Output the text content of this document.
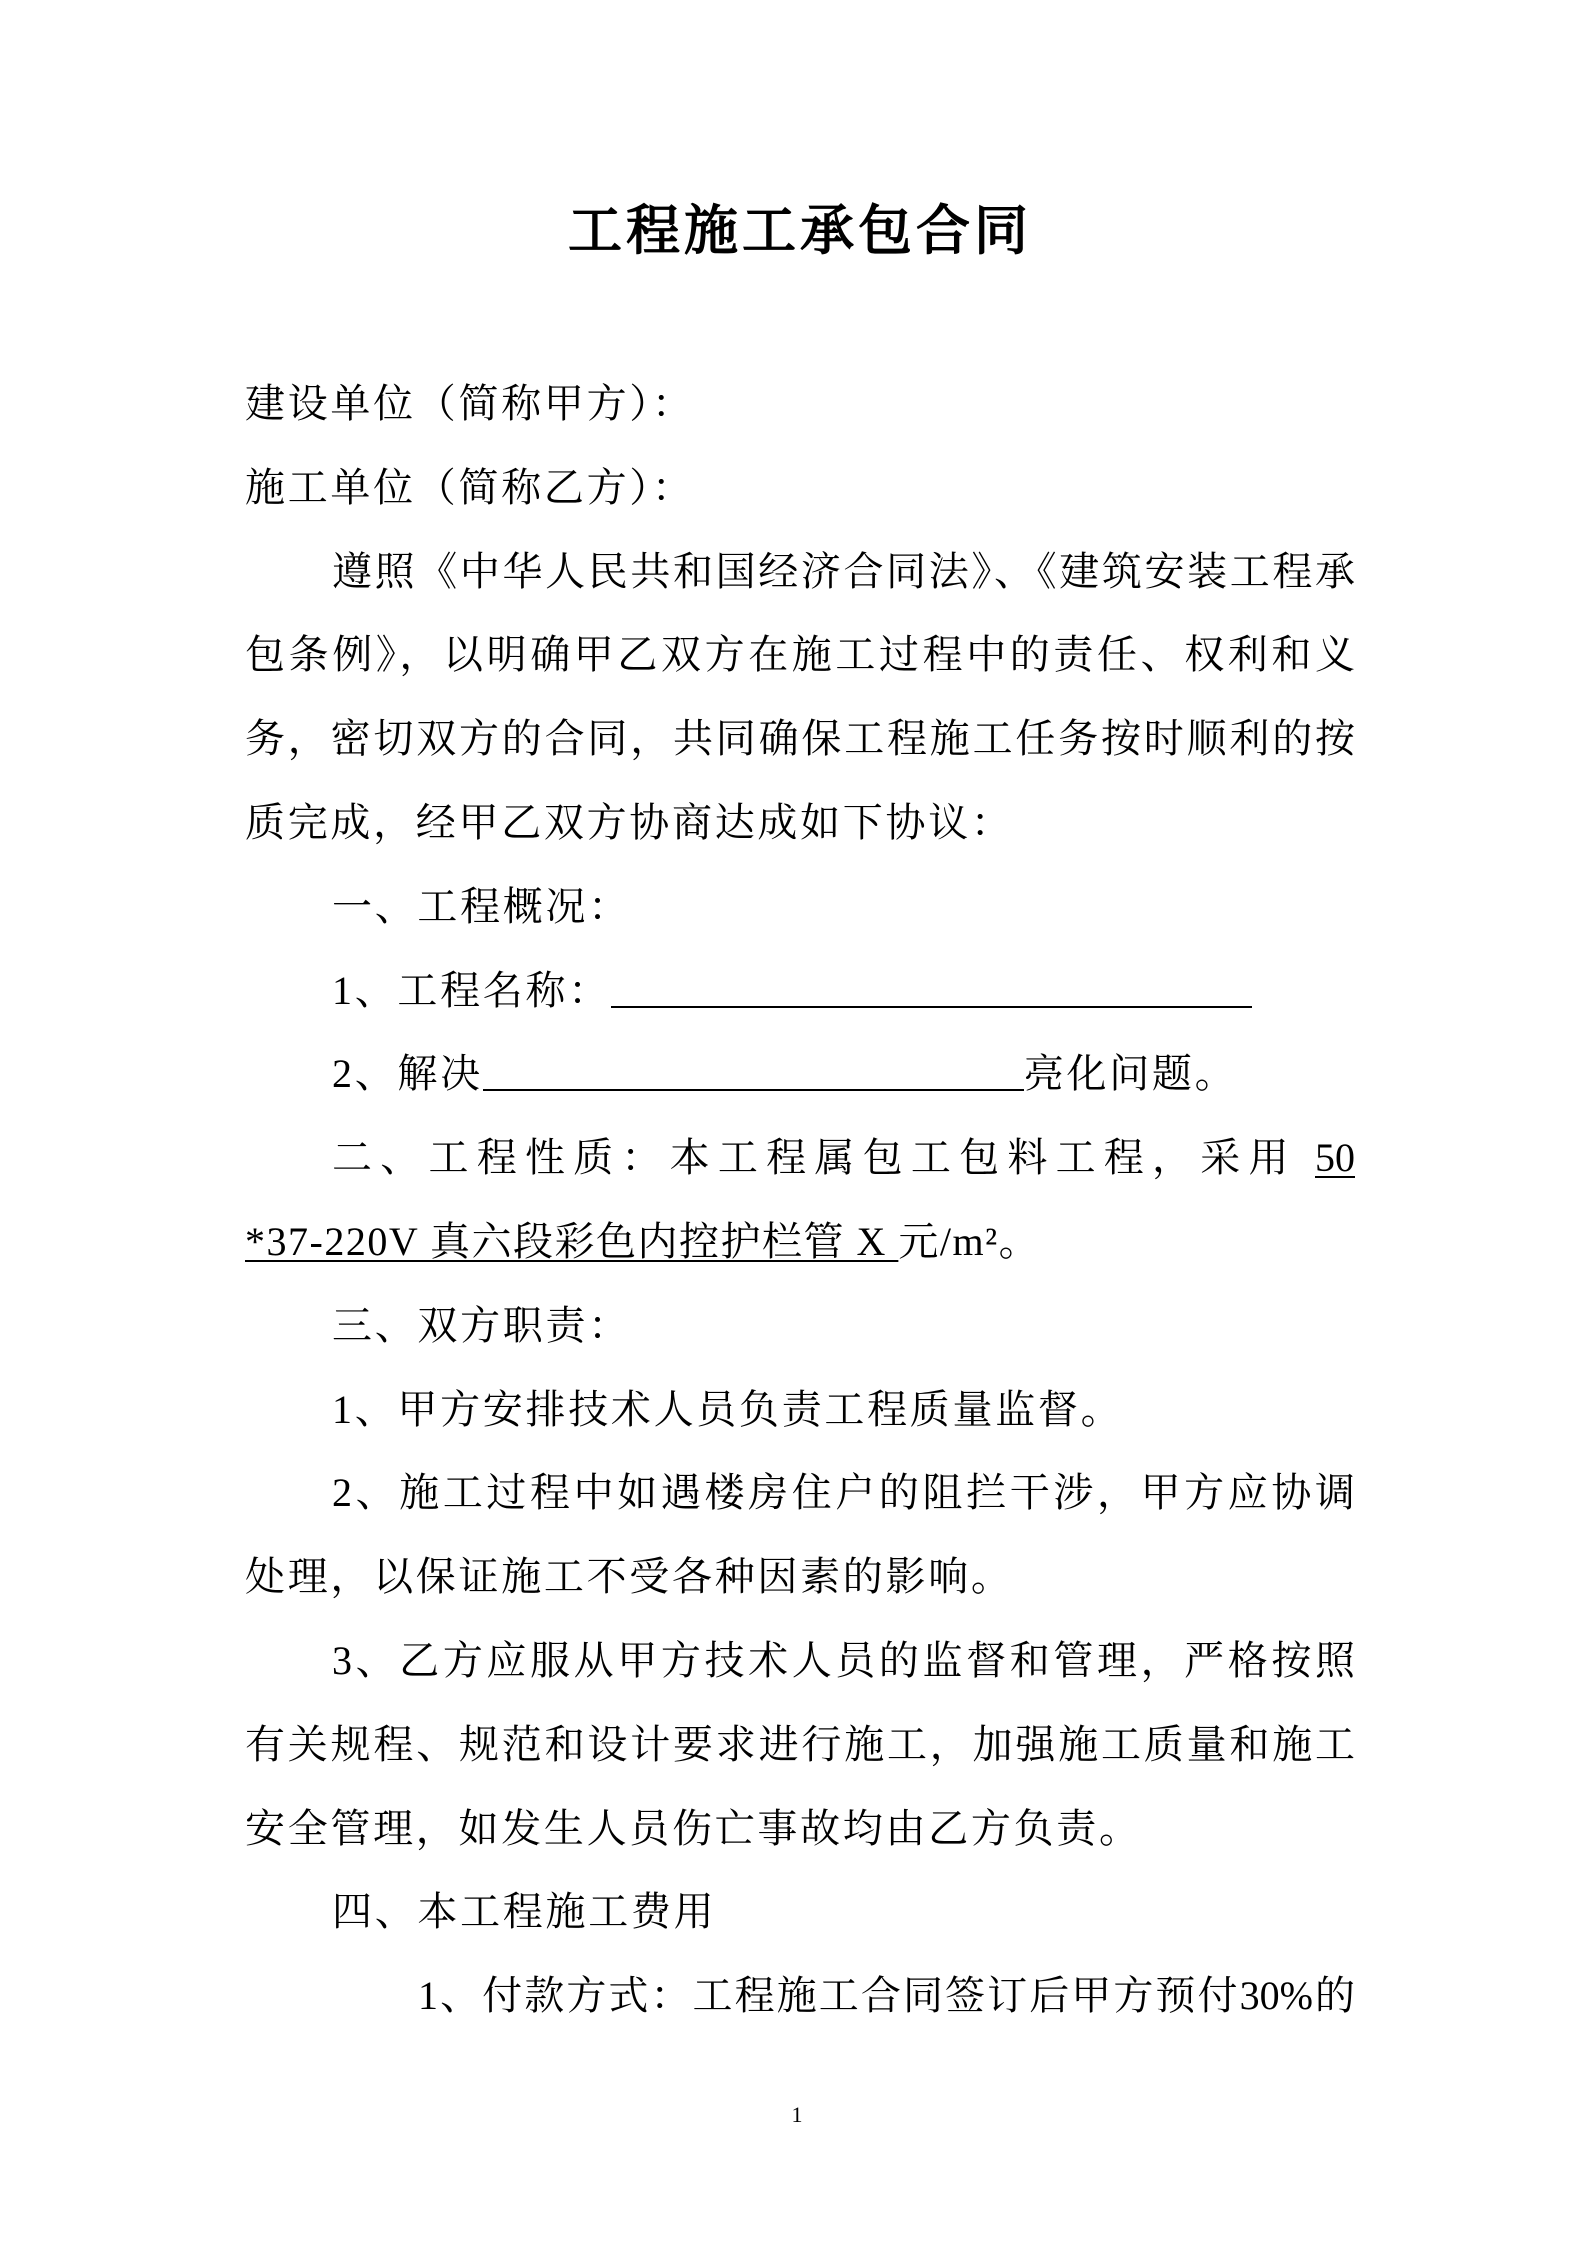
工程施工承包合同
建设单位（简称甲方）：
施工单位（简称乙方）：
遵照《中华人民共和国经济合同法》、《建筑安装工程承
包条例》，以明确甲乙双方在施工过程中的责任、权利和义
务，密切双方的合同，共同确保工程施工任务按时顺利的按
质完成，经甲乙双方协商达成如下协议：
一、工程概况：
1、工程名称：
2、解决	亮化问题。
二、工程性质：本工程属包工包料工程，采用 50
*37-220V 真六段彩色内控护栏管 X 元/m²。
三、双方职责：
1、甲方安排技术人员负责工程质量监督。
2、施工过程中如遇楼房住户的阻拦干涉，甲方应协调
处理，以保证施工不受各种因素的影响。
3、乙方应服从甲方技术人员的监督和管理，严格按照
有关规程、规范和设计要求进行施工，加强施工质量和施工
安全管理，如发生人员伤亡事故均由乙方负责。
四、本工程施工费用
1、付款方式：工程施工合同签订后甲方预付30%的
1
